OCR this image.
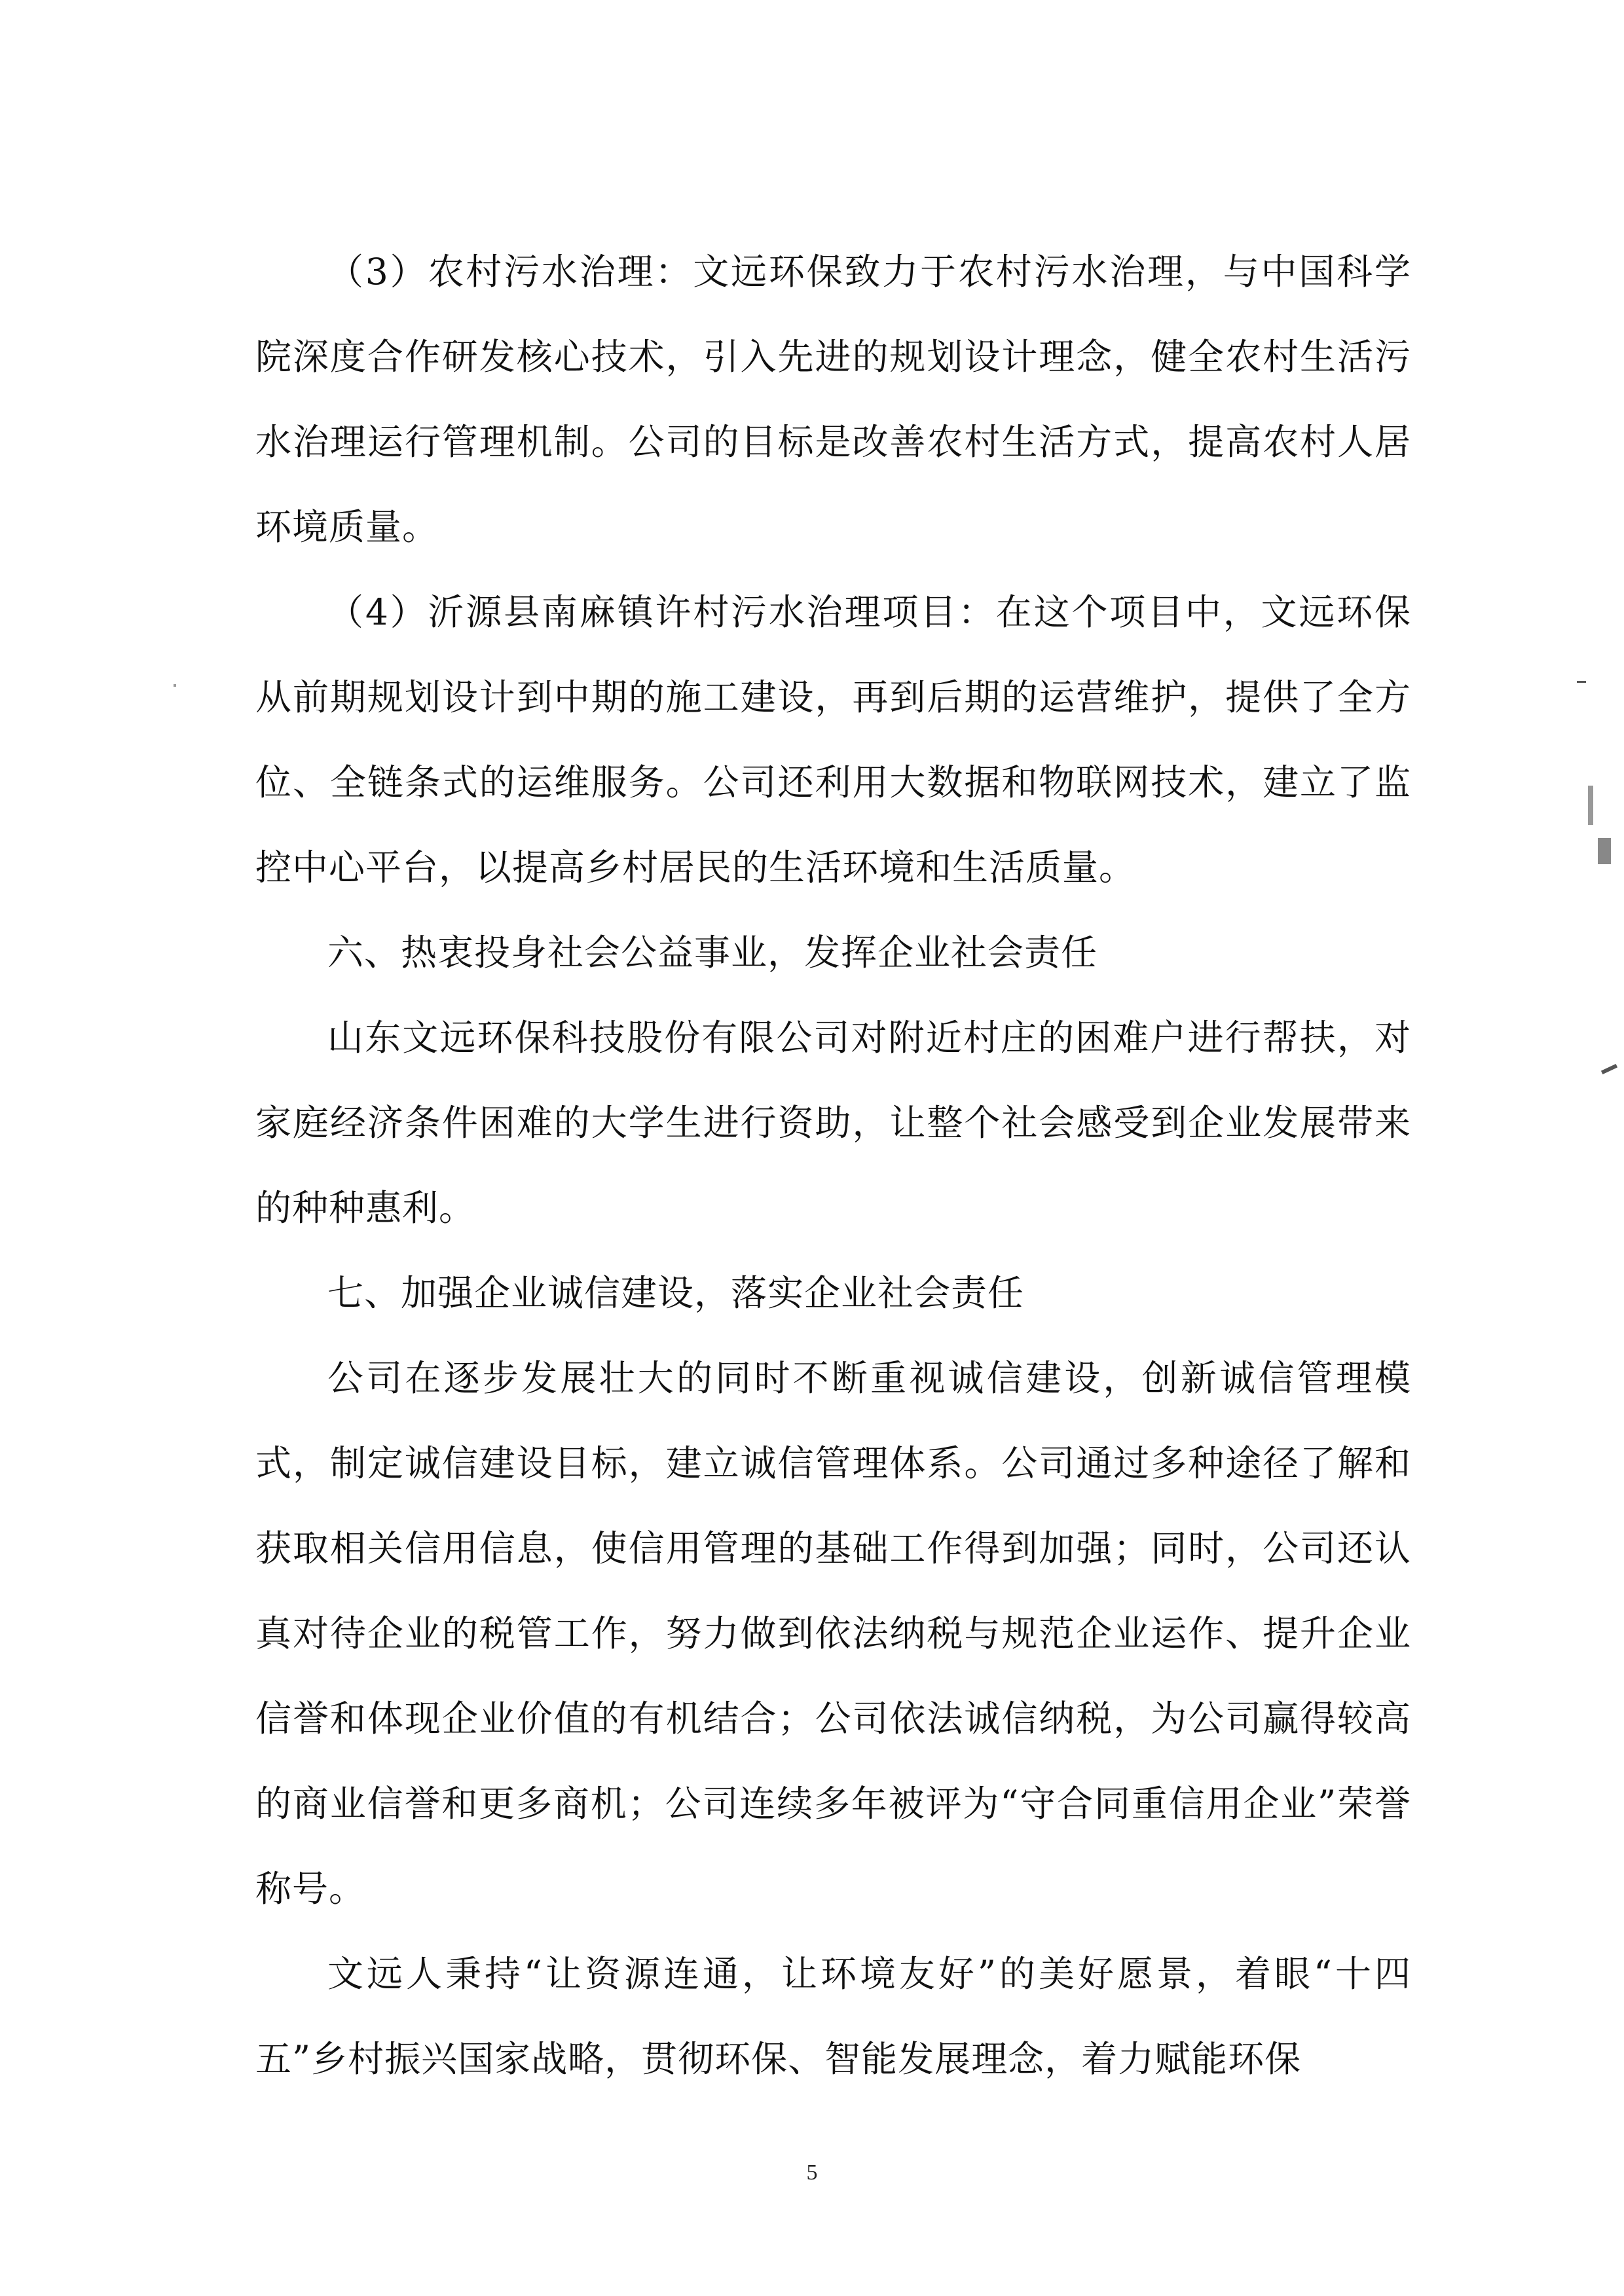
（3）农村污水治理：文远环保致力于农村污水治理，与中国科学院深度合作研发核心技术，引入先进的规划设计理念，健全农村生活污水治理运行管理机制。公司的目标是改善农村生活方式，提高农村人居环境质量。

（4）沂源县南麻镇许村污水治理项目：在这个项目中，文远环保从前期规划设计到中期的施工建设，再到后期的运营维护，提供了全方位、全链条式的运维服务。公司还利用大数据和物联网技术，建立了监控中心平台，以提高乡村居民的生活环境和生活质量。

六、热衷投身社会公益事业，发挥企业社会责任

山东文远环保科技股份有限公司对附近村庄的困难户进行帮扶，对家庭经济条件困难的大学生进行资助，让整个社会感受到企业发展带来的种种惠利。

七、加强企业诚信建设，落实企业社会责任

公司在逐步发展壮大的同时不断重视诚信建设，创新诚信管理模式，制定诚信建设目标，建立诚信管理体系。公司通过多种途径了解和获取相关信用信息，使信用管理的基础工作得到加强；同时，公司还认真对待企业的税管工作，努力做到依法纳税与规范企业运作、提升企业信誉和体现企业价值的有机结合；公司依法诚信纳税，为公司赢得较高的商业信誉和更多商机；公司连续多年被评为“守合同重信用企业”荣誉称号。

文远人秉持“让资源连通，让环境友好”的美好愿景，着眼“十四五”乡村振兴国家战略，贯彻环保、智能发展理念，着力赋能环保

5
